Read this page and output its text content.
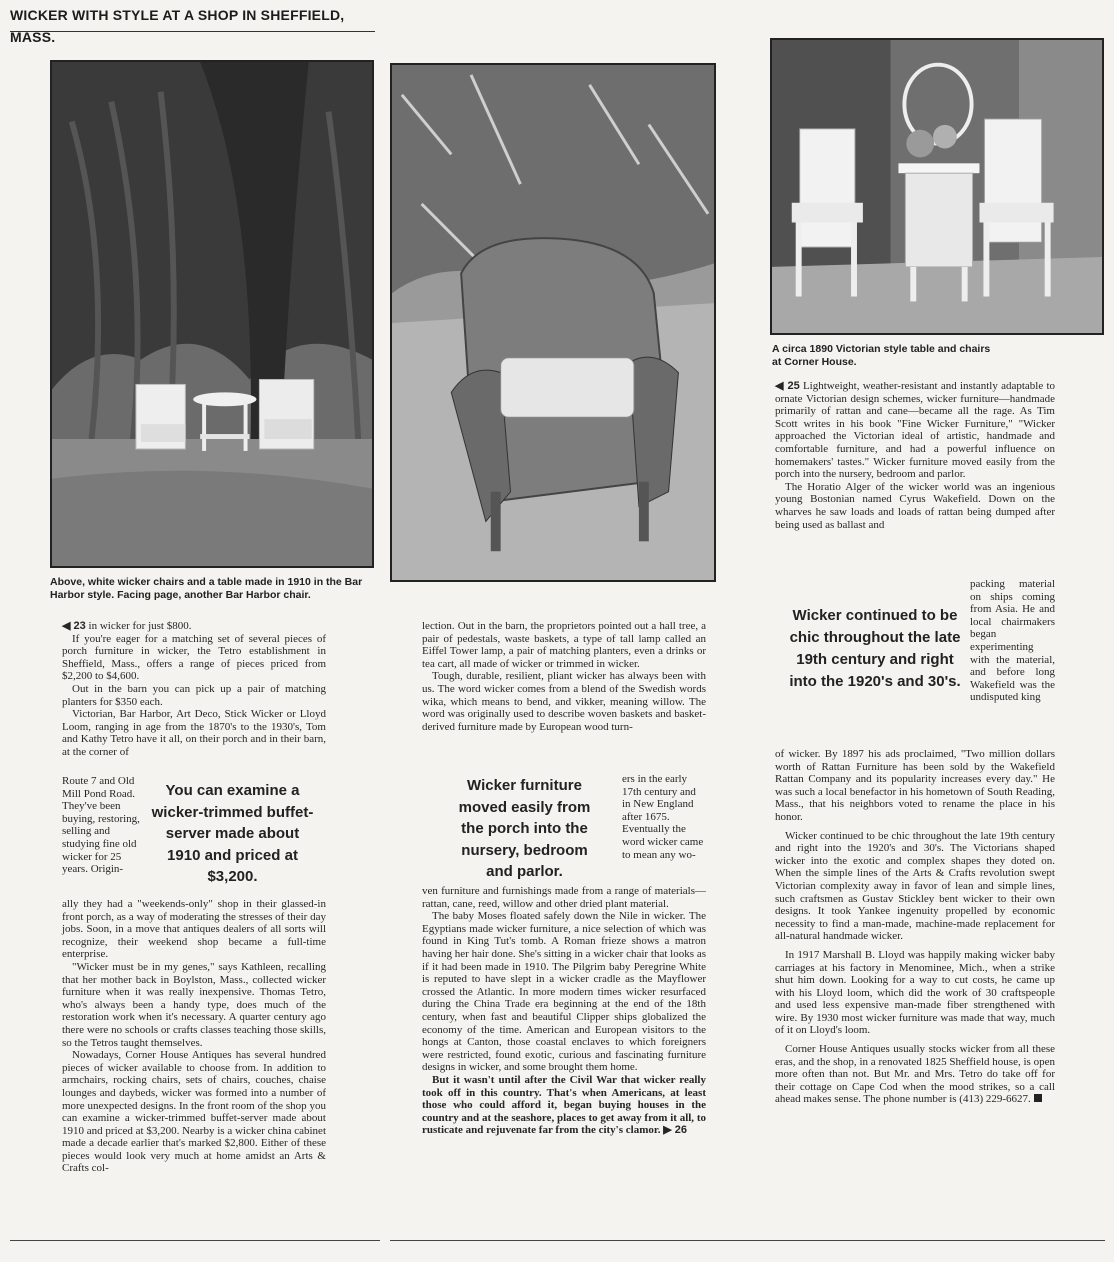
WICKER WITH STYLE AT A SHOP IN SHEFFIELD, MASS.
Above, white wicker chairs and a table made in 1910 in the Bar Harbor style. Facing page, another Bar Harbor chair.
A circa 1890 Victorian style table and chairs at Corner House.

◀ 23 in wicker for just $800.

If you're eager for a matching set of several pieces of porch furniture in wicker, the Tetro establishment in Sheffield, Mass., offers a range of pieces priced from $2,200 to $4,600.

Out in the barn you can pick up a pair of matching planters for $350 each.

Victorian, Bar Harbor, Art Deco, Stick Wicker or Lloyd Loom, ranging in age from the 1870's to the 1930's, Tom and Kathy Tetro have it all, on their porch and in their barn, at the corner of

Route 7 and Old Mill Pond Road. They've been buying, restoring, selling and studying fine old wicker for 25 years. Origin-

ally they had a "weekends-only" shop in their glassed-in front porch, as a way of moderating the stresses of their day jobs. Soon, in a move that antiques dealers of all sorts will recognize, their weekend shop became a full-time enterprise.

"Wicker must be in my genes," says Kathleen, recalling that her mother back in Boylston, Mass., collected wicker furniture when it was really inexpensive. Thomas Tetro, who's always been a handy type, does much of the restoration work when it's necessary. A quarter century ago there were no schools or crafts classes teaching those skills, so the Tetros taught themselves.

Nowadays, Corner House Antiques has several hundred pieces of wicker available to choose from. In addition to armchairs, rocking chairs, sets of chairs, couches, chaise lounges and daybeds, wicker was formed into a number of more unexpected designs. In the front room of the shop you can examine a wicker-trimmed buffet-server made about 1910 and priced at $3,200. Nearby is a wicker china cabinet made a decade earlier that's marked $2,800. Either of these pieces would look very much at home amidst an Arts & Crafts col-

You can examine a wicker-trimmed buffet-server made about 1910 and priced at $3,200.

lection. Out in the barn, the proprietors pointed out a hall tree, a pair of pedestals, waste baskets, a type of tall lamp called an Eiffel Tower lamp, a pair of matching planters, even a drinks or tea cart, all made of wicker or trimmed in wicker.

Tough, durable, resilient, pliant wicker has always been with us. The word wicker comes from a blend of the Swedish words wika, which means to bend, and vikker, meaning willow. The word was originally used to describe woven baskets and basket-derived furniture made by European wood turn-

ers in the early 17th century and in New England after 1675. Eventually the word wicker came to mean any wo-

ven furniture and furnishings made from a range of materials—rattan, cane, reed, willow and other dried plant material.

The baby Moses floated safely down the Nile in wicker. The Egyptians made wicker furniture, a nice selection of which was found in King Tut's tomb. A Roman frieze shows a matron having her hair done. She's sitting in a wicker chair that looks as if it had been made in 1910. The Pilgrim baby Peregrine White is reputed to have slept in a wicker cradle as the Mayflower crossed the Atlantic. In more modern times wicker resurfaced during the China Trade era beginning at the end of the 18th century, when fast and beautiful Clipper ships globalized the economy of the time. American and European visitors to the hongs at Canton, those coastal enclaves to which foreigners were restricted, found exotic, curious and fascinating furniture designs in wicker, and some brought them home.

But it wasn't until after the Civil War that wicker really took off in this country. That's when Americans, at least those who could afford it, began buying houses in the country and at the seashore, places to get away from it all, to rusticate and rejuvenate far from the city's clamor. ▶ 26

Wicker furniture moved easily from the porch into the nursery, bedroom and parlor.

◀ 25 Lightweight, weather-resistant and instantly adaptable to ornate Victorian design schemes, wicker furniture—handmade primarily of rattan and cane—became all the rage. As Tim Scott writes in his book "Fine Wicker Furniture," "Wicker approached the Victorian ideal of artistic, handmade and comfortable furniture, and had a powerful influence on homemakers' tastes." Wicker furniture moved easily from the porch into the nursery, bedroom and parlor.

The Horatio Alger of the wicker world was an ingenious young Bostonian named Cyrus Wakefield. Down on the wharves he saw loads and loads of rattan being dumped after being used as ballast and

packing material on ships coming from Asia. He and local chairmakers began experimenting with the material, and before long Wakefield was the undisputed king

of wicker. By 1897 his ads proclaimed, "Two million dollars worth of Rattan Furniture has been sold by the Wakefield Rattan Company and its popularity increases every day." He was such a local benefactor in his hometown of South Reading, Mass., that his neighbors voted to rename the place in his honor.

Wicker continued to be chic throughout the late 19th century and right into the 1920's and 30's. The Victorians shaped wicker into the exotic and complex shapes they doted on. When the simple lines of the Arts & Crafts revolution swept Victorian complexity away in favor of lean and simple lines, such craftsmen as Gustav Stickley bent wicker to their own designs. It took Yankee ingenuity propelled by economic necessity to find a man-made, machine-made replacement for all-natural handmade wicker.

In 1917 Marshall B. Lloyd was happily making wicker baby carriages at his factory in Menominee, Mich., when a strike shut him down. Looking for a way to cut costs, he came up with his Lloyd loom, which did the work of 30 craftspeople and used less expensive man-made fiber strengthened with wire. By 1930 most wicker furniture was made that way, much of it on Lloyd's loom.

Corner House Antiques usually stocks wicker from all these eras, and the shop, in a renovated 1825 Sheffield house, is open more often than not. But Mr. and Mrs. Tetro do take off for their cottage on Cape Cod when the mood strikes, so a call ahead makes sense. The phone number is (413) 229-6627.

Wicker continued to be chic throughout the late 19th century and right into the 1920's and 30's.
